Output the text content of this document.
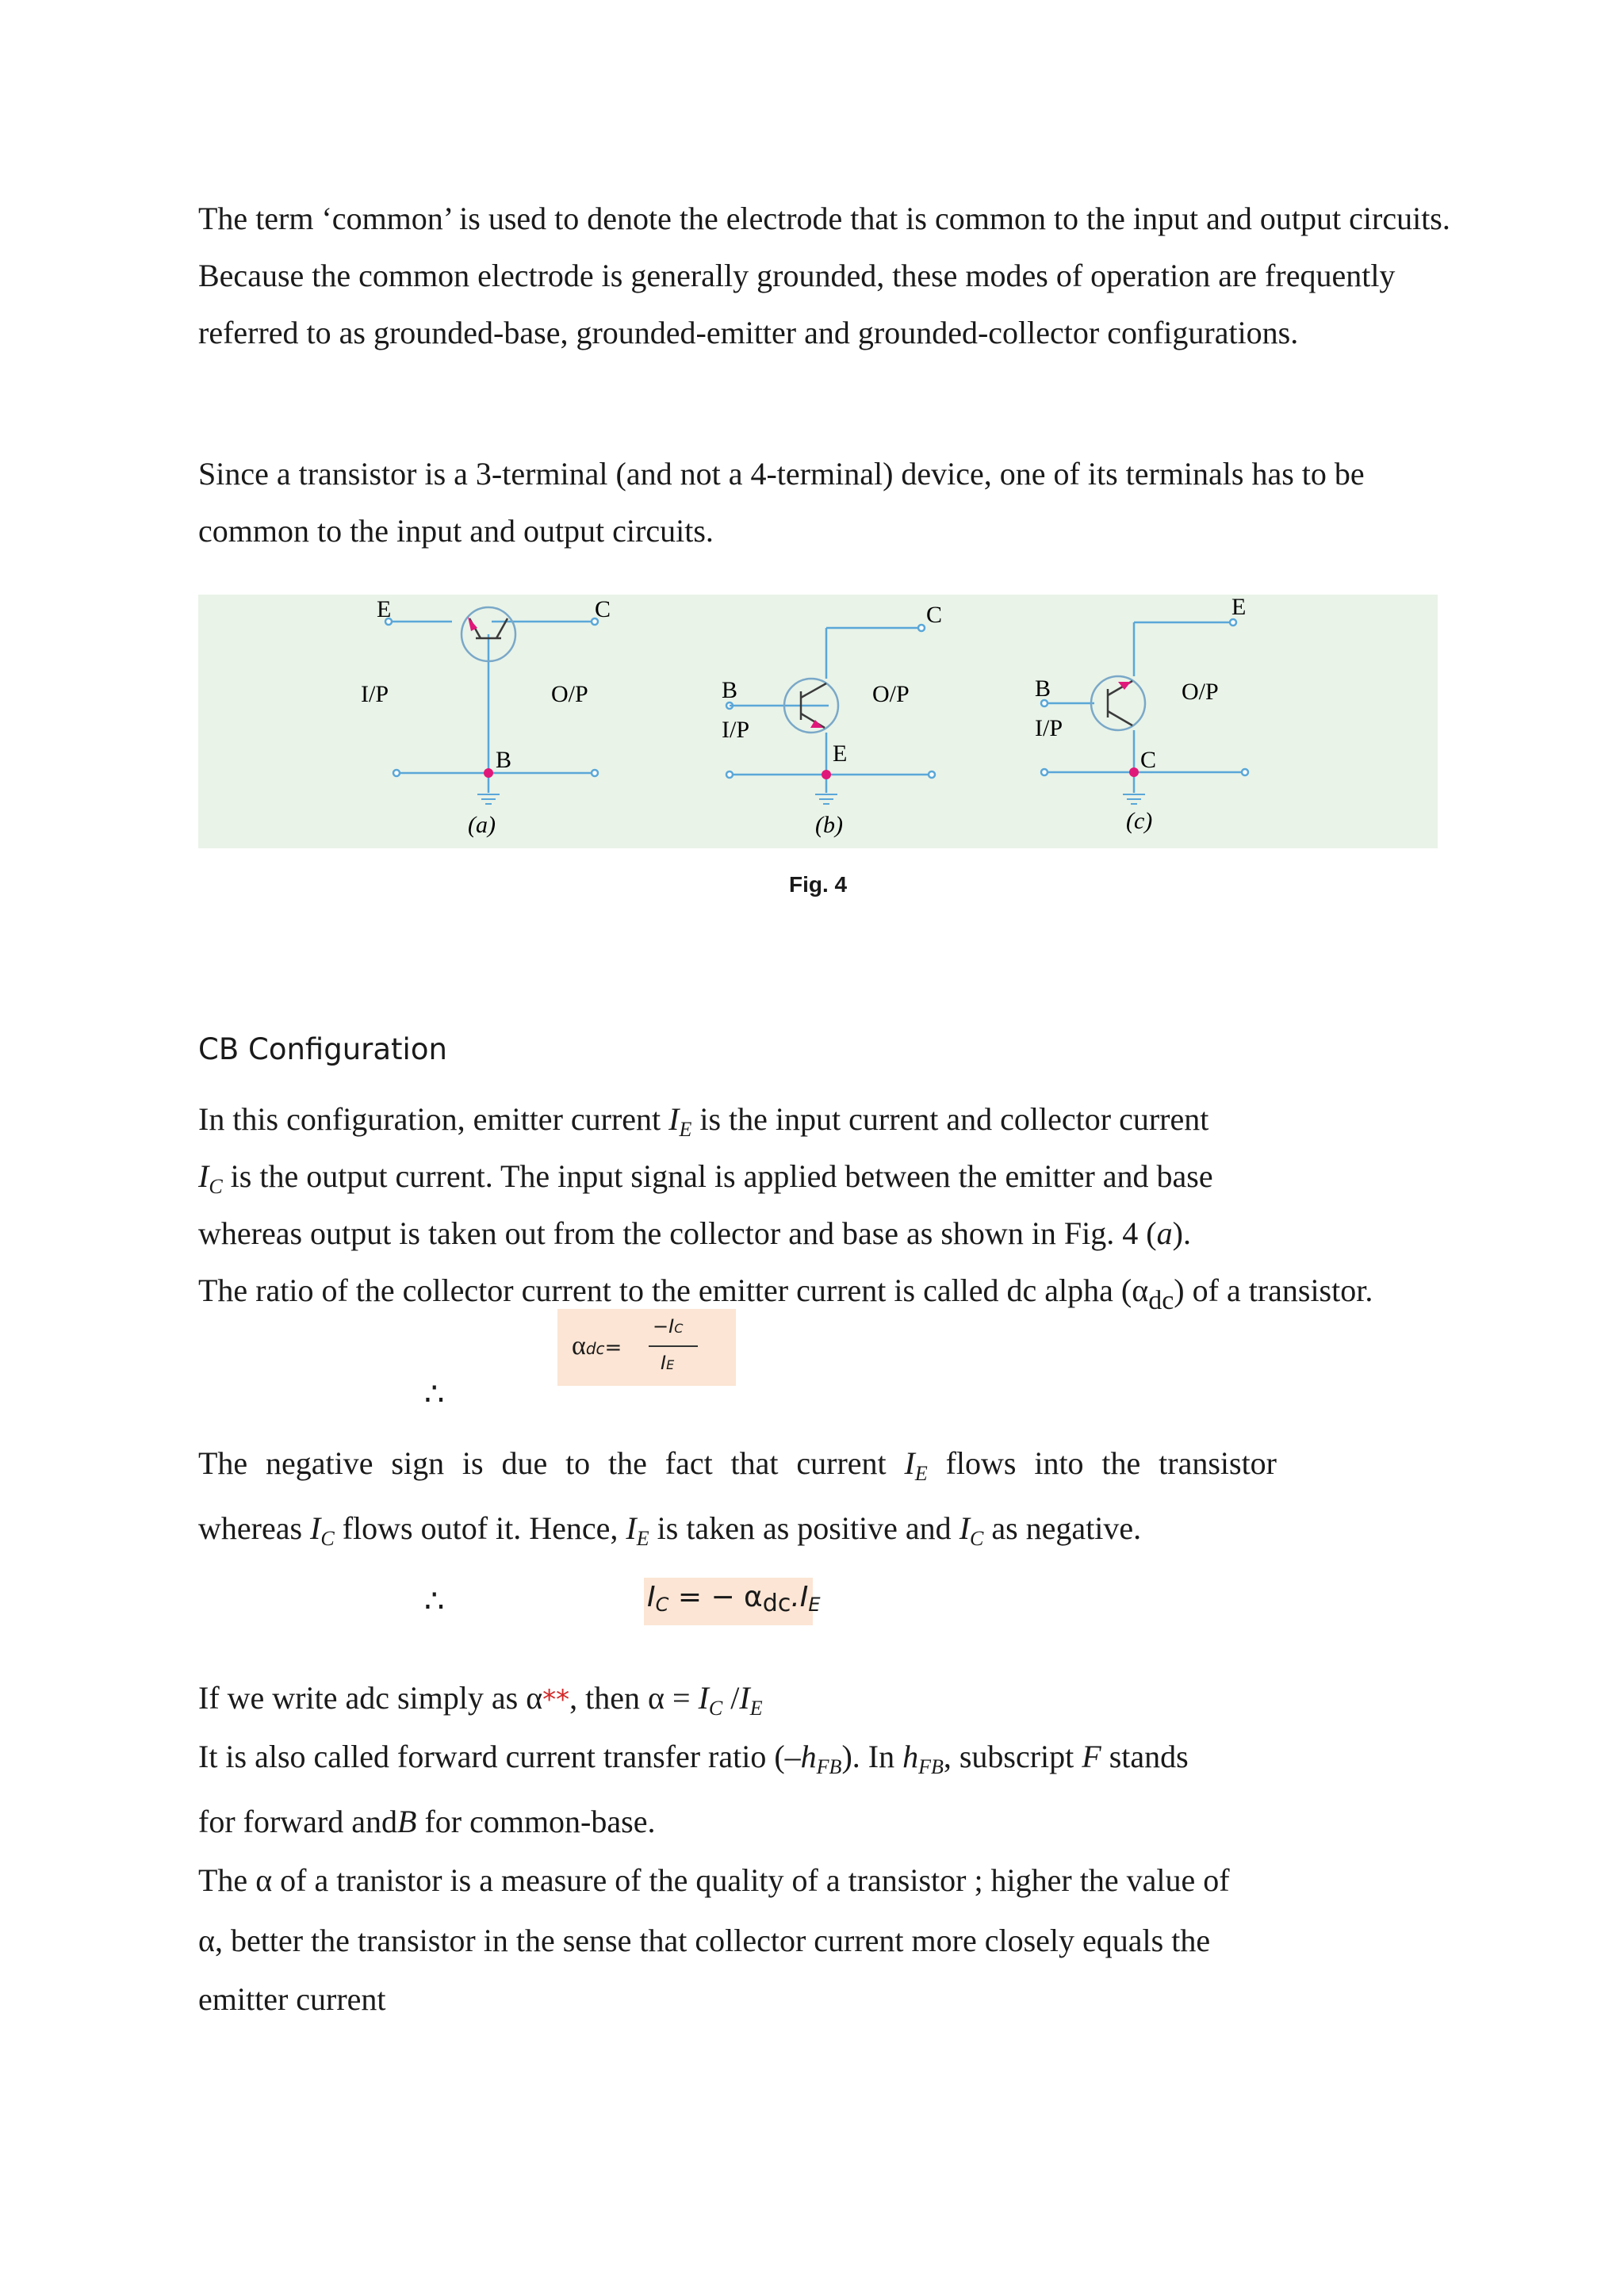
The term ‘common’ is used to denote the electrode that is common to the input and output circuits. Because the common electrode is generally grounded, these modes of operation are frequently referred to as grounded-base, grounded-emitter and grounded-collector configurations.

Since a transistor is a 3-terminal (and not a 4-terminal) device, one of its terminals has to be common to the input and output circuits.

E	C
I/P	O/P
B
(a)
B
I/P
C
O/P
E
(b)
B
I/P
E
O/P
C
(c)
Fig. 4
CB Configuration
In this configuration, emitter current $I_E$ is the input current and collector current
$I_C$ is the output current. The input signal is applied between the emitter and base
whereas output is taken out from the collector and base as shown in Fig. 4 (a).
The ratio of the collector current to the emitter current is called dc alpha $(\alpha_{dc})$ of a transistor.
αdc=
−IC
IE
∴
The negative sign is due to the fact that current $I_E$ flows into the transistor
whereas $I_C$ flows outof it. Hence, $I_E$ is taken as positive and $I_C$ as negative.
∴	IC = − αdc.IE
If we write adc simply as α**, then $\alpha = I_C$ $/I_E$
It is also called forward current transfer ratio $(-h_{FB})$. In $h_{FB}$, subscript F stands
for forward andB for common-base.
The α of a tranistor is a measure of the quality of a transistor ; higher the value of
α, better the transistor in the sense that collector current more closely equals the
emitter current
